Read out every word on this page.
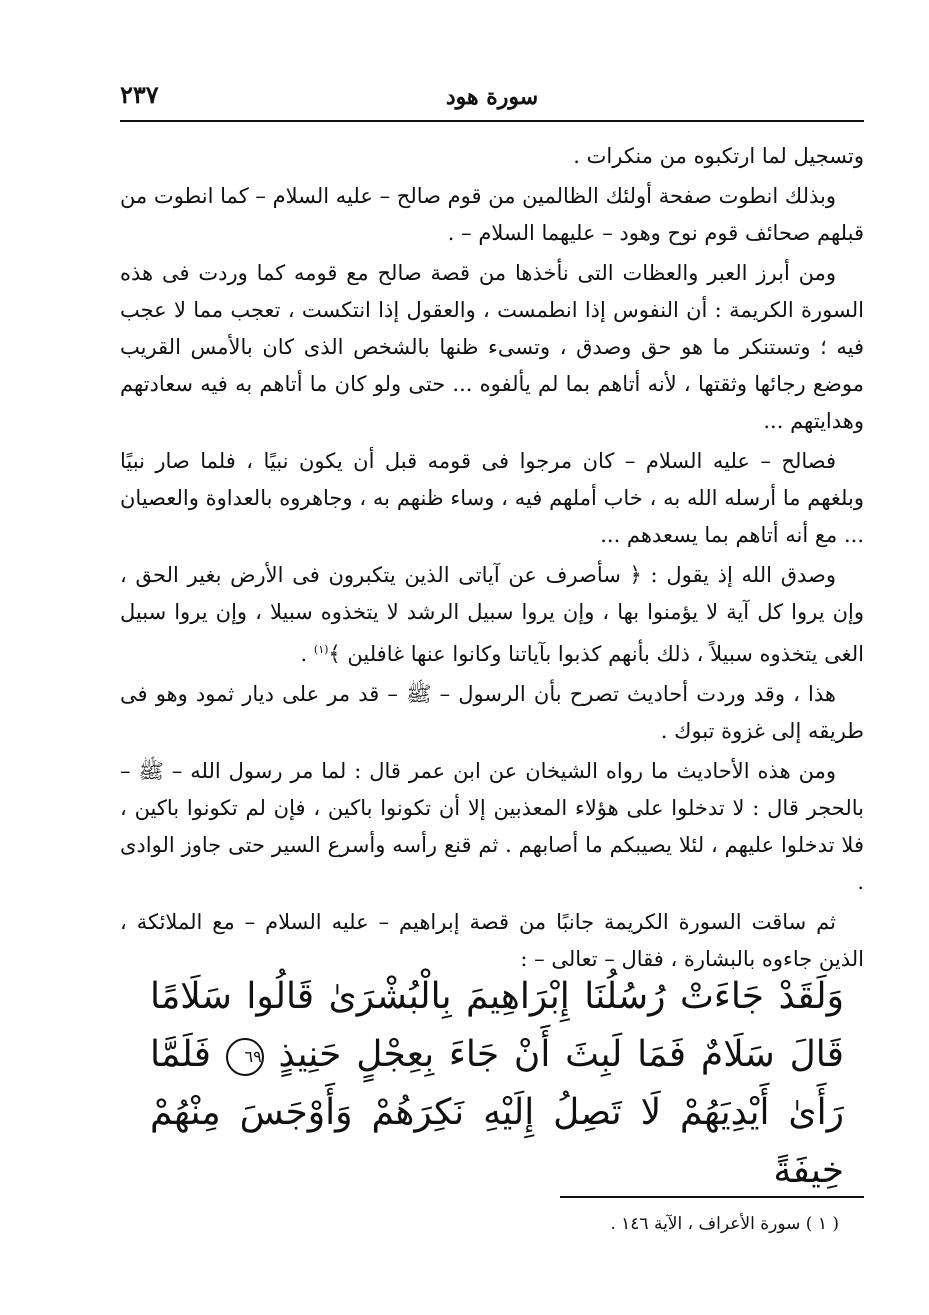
٢٣٧	سورة هود

وتسجيل لما ارتكبوه من منكرات .

وبذلك انطوت صفحة أولئك الظالمين من قوم صالح – عليه السلام – كما انطوت من قبلهم صحائف قوم نوح وهود – عليهما السلام – .

ومن أبرز العبر والعظات التى نأخذها من قصة صالح مع قومه كما وردت فى هذه السورة الكريمة : أن النفوس إذا انطمست ، والعقول إذا انتكست ، تعجب مما لا عجب فيه ؛ وتستنكر ما هو حق وصدق ، وتسىء ظنها بالشخص الذى كان بالأمس القريب موضع رجائها وثقتها ، لأنه أتاهم بما لم يألفوه ... حتى ولو كان ما أتاهم به فيه سعادتهم وهدايتهم ...

فصالح – عليه السلام – كان مرجوا فى قومه قبل أن يكون نبيًا ، فلما صار نبيًا وبلغهم ما أرسله الله به ، خاب أملهم فيه ، وساء ظنهم به ، وجاهروه بالعداوة والعصيان ... مع أنه أتاهم بما يسعدهم ...

وصدق الله إذ يقول : ﴿ سأصرف عن آياتى الذين يتكبرون فى الأرض بغير الحق ، وإن يروا كل آية لا يؤمنوا بها ، وإن يروا سبيل الرشد لا يتخذوه سبيلا ، وإن يروا سبيل الغى يتخذوه سبيلاً ، ذلك بأنهم كذبوا بآياتنا وكانوا عنها غافلين ﴾$^{(١)}$ .

هذا ، وقد وردت أحاديث تصرح بأن الرسول – ﷺ – قد مر على ديار ثمود وهو فى طريقه إلى غزوة تبوك .

ومن هذه الأحاديث ما رواه الشيخان عن ابن عمر قال : لما مر رسول الله – ﷺ – بالحجر قال : لا تدخلوا على هؤلاء المعذبين إلا أن تكونوا باكين ، فإن لم تكونوا باكين ، فلا تدخلوا عليهم ، لئلا يصيبكم ما أصابهم . ثم قنع رأسه وأسرع السير حتى جاوز الوادى .

ثم ساقت السورة الكريمة جانبًا من قصة إبراهيم – عليه السلام – مع الملائكة ، الذين جاءوه بالبشارة ، فقال – تعالى – :

وَلَقَدْ جَاءَتْ رُسُلُنَا إِبْرَاهِيمَ بِالْبُشْرَىٰ قَالُوا سَلَامًا قَالَ سَلَامٌ فَمَا لَبِثَ أَنْ جَاءَ بِعِجْلٍ حَنِيذٍ ٦٩ فَلَمَّا رَأَىٰ أَيْدِيَهُمْ لَا تَصِلُ إِلَيْهِ نَكِرَهُمْ وَأَوْجَسَ مِنْهُمْ خِيفَةً
( ١ ) سورة الأعراف ، الآية ١٤٦ .
